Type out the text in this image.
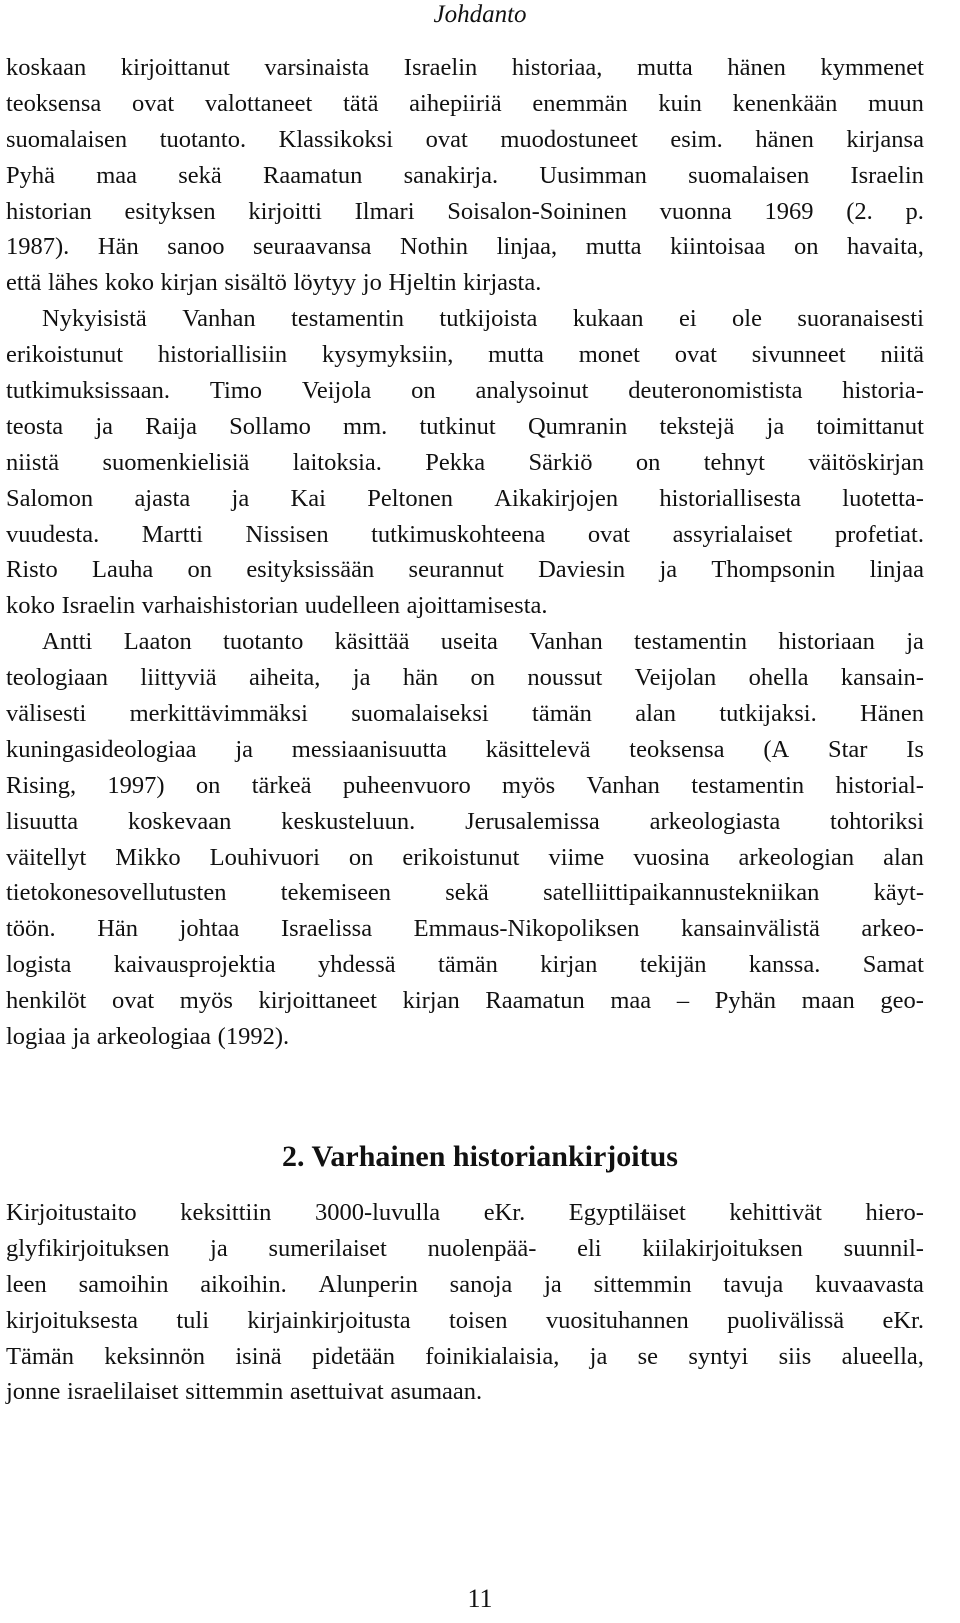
Johdanto
koskaan kirjoittanut varsinaista Israelin historiaa, mutta hänen kymmenet
teoksensa ovat valottaneet tätä aihepiiriä enemmän kuin kenenkään muun
suomalaisen tuotanto. Klassikoksi ovat muodostuneet esim. hänen kirjansa
Pyhä maa sekä Raamatun sanakirja. Uusimman suomalaisen Israelin
historian esityksen kirjoitti Ilmari Soisalon-Soininen vuonna 1969 (2. p.
1987). Hän sanoo seuraavansa Nothin linjaa, mutta kiintoisaa on havaita,
että lähes koko kirjan sisältö löytyy jo Hjeltin kirjasta.
Nykyisistä Vanhan testamentin tutkijoista kukaan ei ole suoranaisesti
erikoistunut historiallisiin kysymyksiin, mutta monet ovat sivunneet niitä
tutkimuksissaan. Timo Veijola on analysoinut deuteronomistista historia-
teosta ja Raija Sollamo mm. tutkinut Qumranin tekstejä ja toimittanut
niistä suomenkielisiä laitoksia. Pekka Särkiö on tehnyt väitöskirjan
Salomon ajasta ja Kai Peltonen Aikakirjojen historiallisesta luotetta-
vuudesta. Martti Nissisen tutkimuskohteena ovat assyrialaiset profetiat.
Risto Lauha on esityksissään seurannut Daviesin ja Thompsonin linjaa
koko Israelin varhaishistorian uudelleen ajoittamisesta.
Antti Laaton tuotanto käsittää useita Vanhan testamentin historiaan ja
teologiaan liittyviä aiheita, ja hän on noussut Veijolan ohella kansain-
välisesti merkittävimmäksi suomalaiseksi tämän alan tutkijaksi. Hänen
kuningasideologiaa ja messiaanisuutta käsittelevä teoksensa (A Star Is
Rising, 1997) on tärkeä puheenvuoro myös Vanhan testamentin historial-
lisuutta koskevaan keskusteluun. Jerusalemissa arkeologiasta tohtoriksi
väitellyt Mikko Louhivuori on erikoistunut viime vuosina arkeologian alan
tietokonesovellutusten tekemiseen sekä satelliittipaikannustekniikan käyt-
töön. Hän johtaa Israelissa Emmaus-Nikopoliksen kansainvälistä arkeo-
logista kaivausprojektia yhdessä tämän kirjan tekijän kanssa. Samat
henkilöt ovat myös kirjoittaneet kirjan Raamatun maa – Pyhän maan geo-
logiaa ja arkeologiaa (1992).
2. Varhainen historiankirjoitus
Kirjoitustaito keksittiin 3000-luvulla eKr. Egyptiläiset kehittivät hiero-
glyfikirjoituksen ja sumerilaiset nuolenpää- eli kiilakirjoituksen suunnil-
leen samoihin aikoihin. Alunperin sanoja ja sittemmin tavuja kuvaavasta
kirjoituksesta tuli kirjainkirjoitusta toisen vuosituhannen puolivälissä eKr.
Tämän keksinnön isinä pidetään foinikialaisia, ja se syntyi siis alueella,
jonne israelilaiset sittemmin asettuivat asumaan.
11
